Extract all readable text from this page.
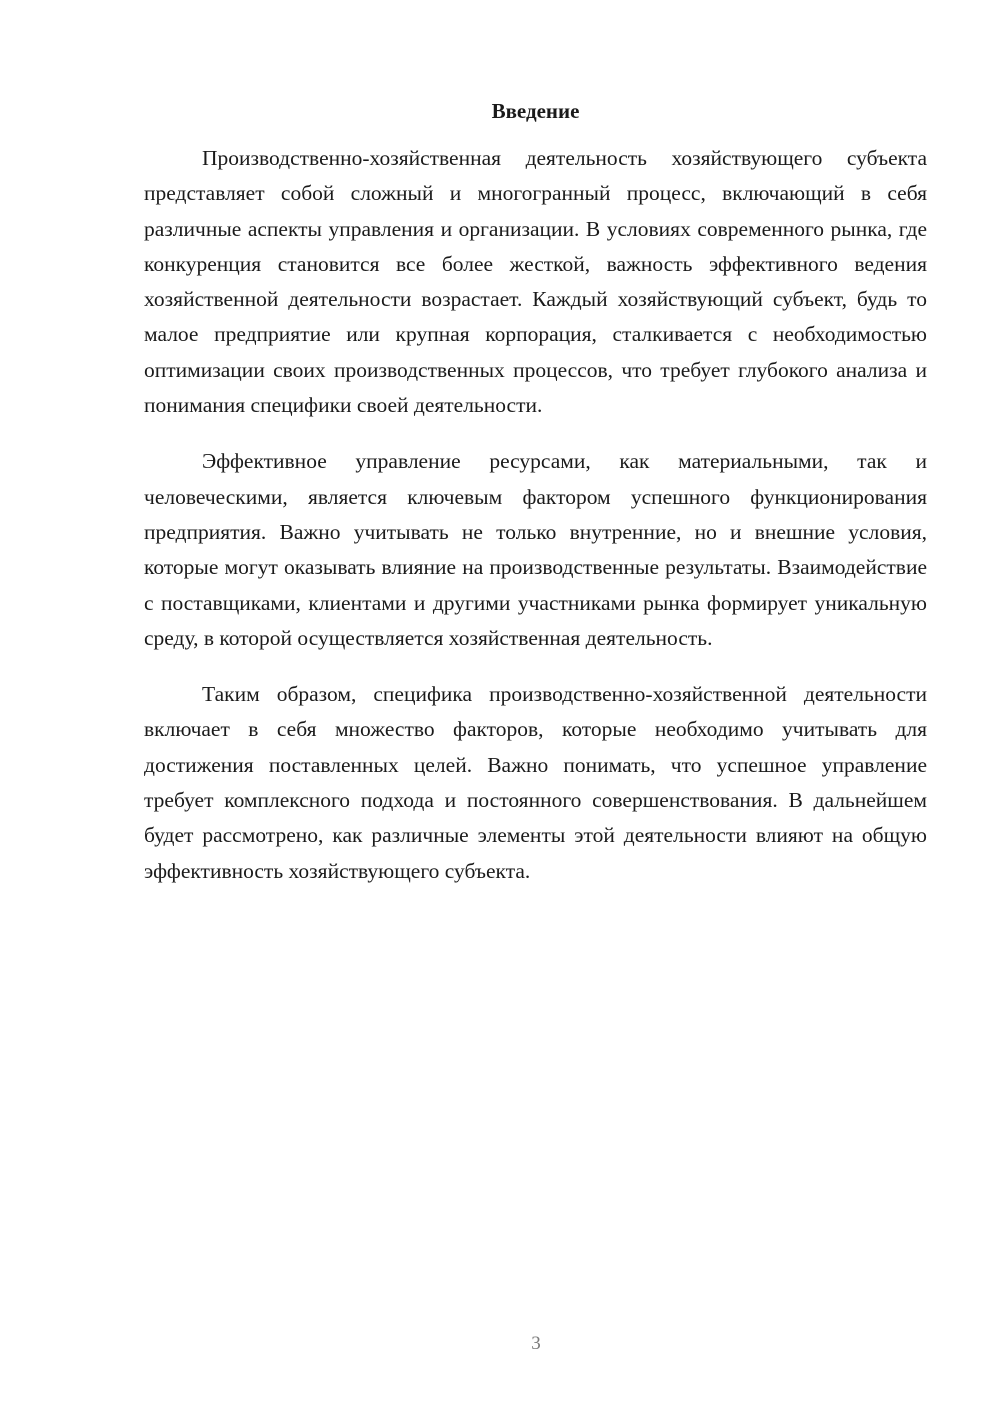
Введение

Производственно-хозяйственная деятельность хозяйствующего субъекта представляет собой сложный и многогранный процесс, включающий в себя различные аспекты управления и организации. В условиях современного рынка, где конкуренция становится все более жесткой, важность эффективного ведения хозяйственной деятельности возрастает. Каждый хозяйствующий субъект, будь то малое предприятие или крупная корпорация, сталкивается с необходимостью оптимизации своих производственных процессов, что требует глубокого анализа и понимания специфики своей деятельности.

Эффективное управление ресурсами, как материальными, так и человеческими, является ключевым фактором успешного функционирования предприятия. Важно учитывать не только внутренние, но и внешние условия, которые могут оказывать влияние на производственные результаты. Взаимодействие с поставщиками, клиентами и другими участниками рынка формирует уникальную среду, в которой осуществляется хозяйственная деятельность.

Таким образом, специфика производственно-хозяйственной деятельности включает в себя множество факторов, которые необходимо учитывать для достижения поставленных целей. Важно понимать, что успешное управление требует комплексного подхода и постоянного совершенствования. В дальнейшем будет рассмотрено, как различные элементы этой деятельности влияют на общую эффективность хозяйствующего субъекта.

3
